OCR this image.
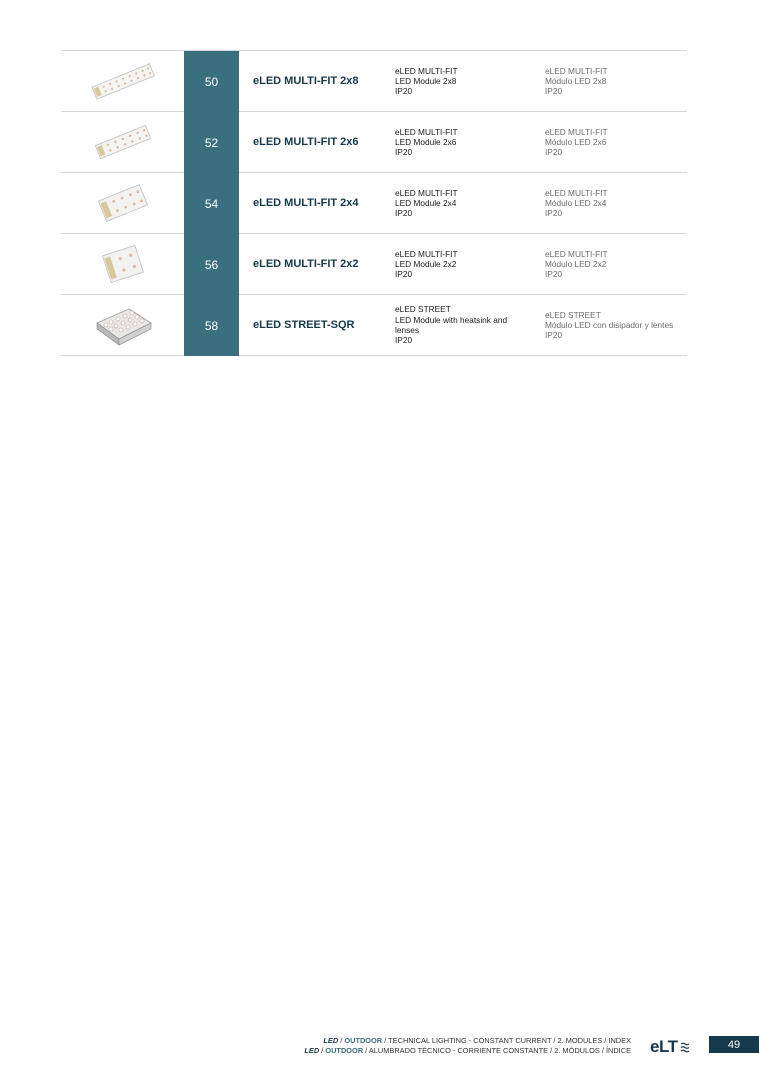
50	eLED MULTI-FIT 2x8
eLED MULTI-FIT
LED Module 2x8
IP20
eLED MULTI-FIT
Módulo LED 2x8
IP20
52	eLED MULTI-FIT 2x6
eLED MULTI-FIT
LED Module 2x6
IP20
eLED MULTI-FIT
Módulo LED 2x6
IP20
54	eLED MULTI-FIT 2x4
eLED MULTI-FIT
LED Module 2x4
IP20
eLED MULTI-FIT
Módulo LED 2x4
IP20
56	eLED MULTI-FIT 2x2
eLED MULTI-FIT
LED Module 2x2
IP20
eLED MULTI-FIT
Módulo LED 2x2
IP20
58	eLED STREET-SQR
eLED STREET
LED Module with heatsink and
lenses
IP20
eLED STREET
Módulo LED con disipador y lentes
IP20
LED / OUTDOOR / TECHNICAL LIGHTING - CONSTANT CURRENT / 2. MODULES / INDEX
LED / OUTDOOR / ALUMBRADO TÉCNICO - CORRIENTE CONSTANTE / 2. MÓDULOS / ÍNDICE eLT	49
